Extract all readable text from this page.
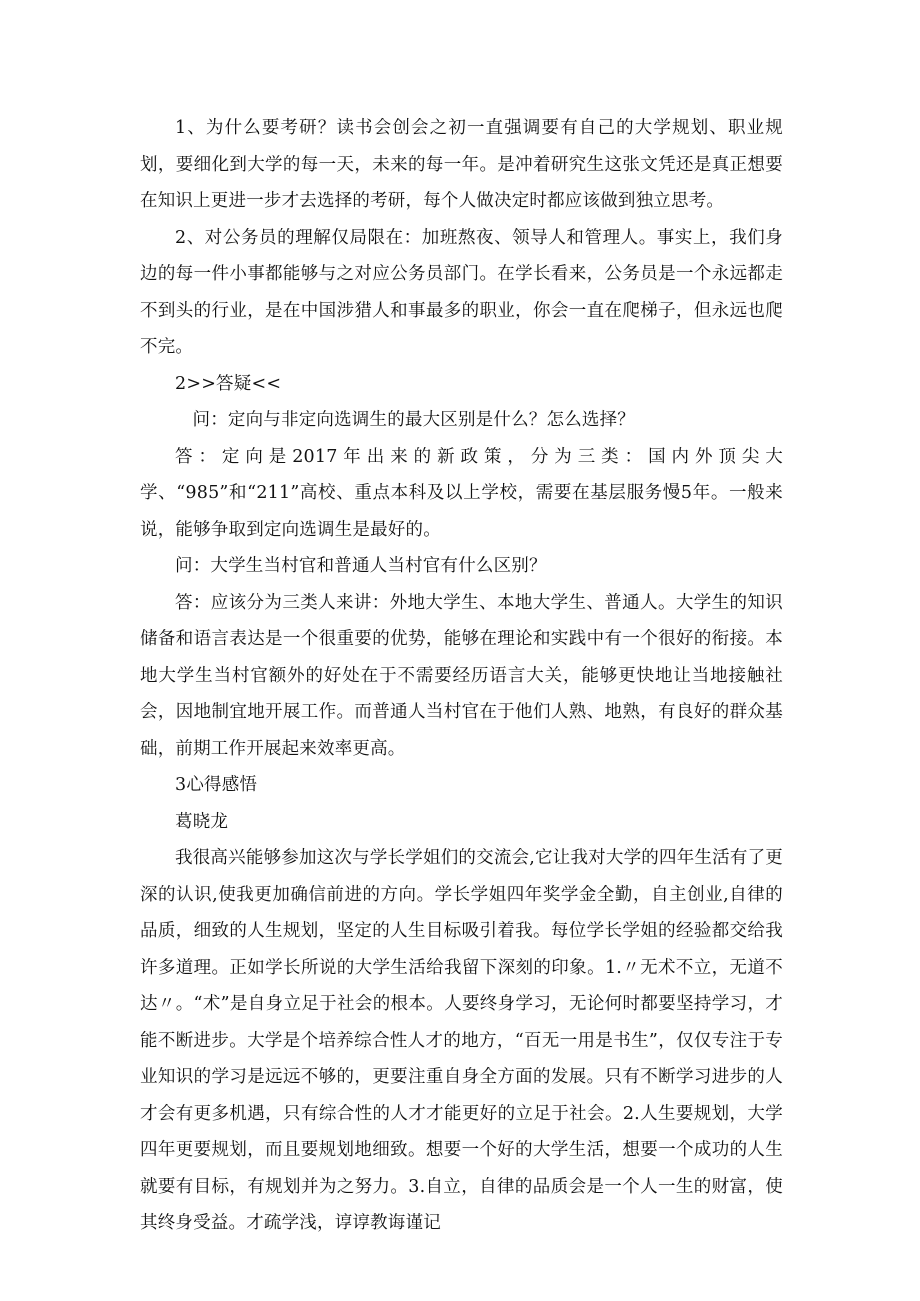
1、为什么要考研？读书会创会之初一直强调要有自己的大学规划、职业规划，要细化到大学的每一天，未来的每一年。是冲着研究生这张文凭还是真正想要在知识上更进一步才去选择的考研，每个人做决定时都应该做到独立思考。

2、对公务员的理解仅局限在：加班熬夜、领导人和管理人。事实上，我们身边的每一件小事都能够与之对应公务员部门。在学长看来，公务员是一个永远都走不到头的行业，是在中国涉猎人和事最多的职业，你会一直在爬梯子，但永远也爬不完。

2>>答疑<<

问：定向与非定向选调生的最大区别是什么？怎么选择？

答：定向是2017年出来的新政策，分为三类：国内外顶尖大学、“985”和“211”高校、重点本科及以上学校，需要在基层服务慢5年。一般来说，能够争取到定向选调生是最好的。

问：大学生当村官和普通人当村官有什么区别？

答：应该分为三类人来讲：外地大学生、本地大学生、普通人。大学生的知识储备和语言表达是一个很重要的优势，能够在理论和实践中有一个很好的衔接。本地大学生当村官额外的好处在于不需要经历语言大关，能够更快地让当地接触社会，因地制宜地开展工作。而普通人当村官在于他们人熟、地熟，有良好的群众基础，前期工作开展起来效率更高。

3心得感悟

葛晓龙

我很高兴能够参加这次与学长学姐们的交流会,它让我对大学的四年生活有了更深的认识,使我更加确信前进的方向。学长学姐四年奖学金全勤，自主创业,自律的品质，细致的人生规划，坚定的人生目标吸引着我。每位学长学姐的经验都交给我许多道理。正如学长所说的大学生活给我留下深刻的印象。1.〃无术不立，无道不达〃。“术”是自身立足于社会的根本。人要终身学习，无论何时都要坚持学习，才能不断进步。大学是个培养综合性人才的地方，“百无一用是书生”，仅仅专注于专业知识的学习是远远不够的，更要注重自身全方面的发展。只有不断学习进步的人才会有更多机遇，只有综合性的人才才能更好的立足于社会。2.人生要规划，大学四年更要规划，而且要规划地细致。想要一个好的大学生活，想要一个成功的人生就要有目标，有规划并为之努力。3.自立，自律的品质会是一个人一生的财富，使其终身受益。才疏学浅，谆谆教诲谨记
